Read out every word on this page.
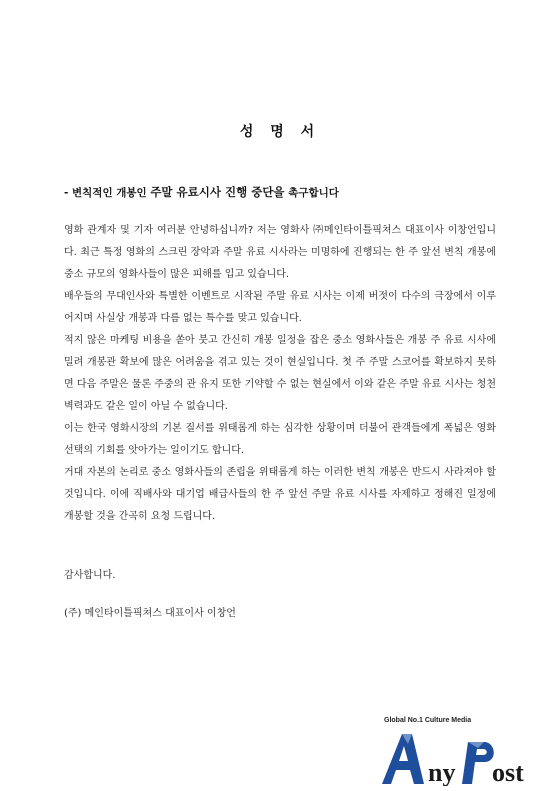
성 명 서
- 변칙적인 개봉인 주말 유료시사 진행 중단을 촉구합니다

영화 관계자 및 기자 여러분 안녕하십니까? 저는 영화사 ㈜메인타이틀픽쳐스 대표이사 이창언입니다. 최근 특정 영화의 스크린 장악과 주말 유료 시사라는 미명하에 진행되는 한 주 앞선 변칙 개봉에 중소 규모의 영화사들이 많은 피해를 입고 있습니다.

배우들의 무대인사와 특별한 이벤트로 시작된 주말 유료 시사는 이제 버젓이 다수의 극장에서 이루어지며 사실상 개봉과 다름 없는 특수를 맞고 있습니다.

적지 않은 마케팅 비용을 쏟아 붓고 간신히 개봉 일정을 잡은 중소 영화사들은 개봉 주 유료 시사에 밀려 개봉관 확보에 많은 어려움을 겪고 있는 것이 현실입니다. 첫 주 주말 스코어를 확보하지 못하면 다음 주말은 물론 주중의 관 유지 또한 기약할 수 없는 현실에서 이와 같은 주말 유료 시사는 청천벽력과도 같은 일이 아닐 수 없습니다.

이는 한국 영화시장의 기본 질서를 위태롭게 하는 심각한 상황이며 더불어 관객들에게 폭넓은 영화 선택의 기회를 앗아가는 일이기도 합니다.

거대 자본의 논리로 중소 영화사들의 존립을 위태롭게 하는 이러한 변칙 개봉은 반드시 사라져야 할 것입니다. 이에 직배사와 대기업 배급사들의 한 주 앞선 주말 유료 시사를 자제하고 정해진 일정에 개봉할 것을 간곡히 요청 드립니다.

감사합니다.
(주) 메인타이틀픽쳐스 대표이사 이창언
Global No.1 Culture Media
ny ost
